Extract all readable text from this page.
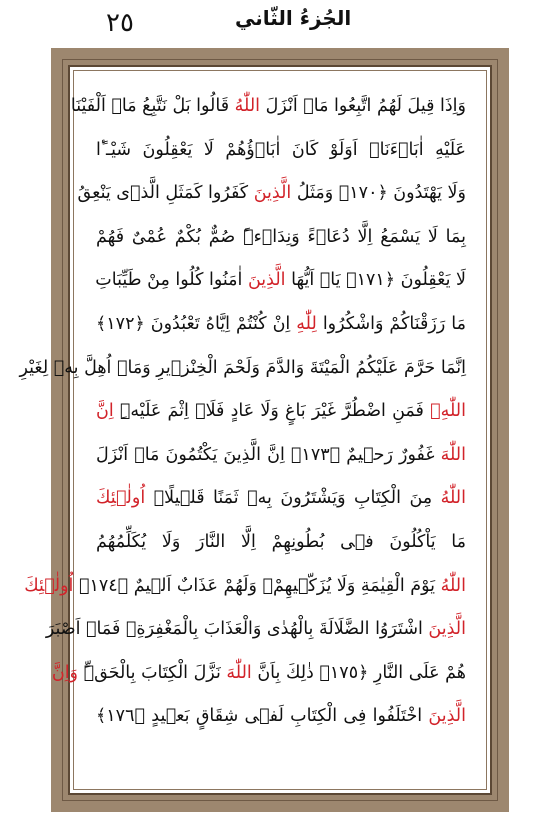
٢٥	الجُزءُ الثّاني
وَاِذَا قِيلَ لَهُمُ اتَّبِعُوا مَاۤ اَنْزَلَ اللّٰهُ قَالُوا بَلْ نَتَّبِعُ مَاۤ اَلْفَيْنَا
عَلَيْهِ اٰبَاۤءَنَاۜ اَوَلَوْ كَانَ اٰبَاۤؤُهُمْ لَا يَعْقِلُونَ شَيْـٴًا
وَلَا يَهْتَدُونَ ﴿١٧٠﴾ وَمَثَلُ الَّذِينَ كَفَرُوا كَمَثَلِ الَّذٖى يَنْعِقُ
بِمَا لَا يَسْمَعُ اِلَّا دُعَاۤءً وَنِدَاۤءًۜ صُمٌّ بُكْمٌ عُمْىٌ فَهُمْ
لَا يَعْقِلُونَ ﴿١٧١﴾ يَاۤ اَيُّهَا الَّذِينَ اٰمَنُوا كُلُوا مِنْ طَيِّبَاتِ
مَا رَزَقْنَاكُمْ وَاشْكُرُوا لِلّٰهِ اِنْ كُنْتُمْ اِيَّاهُ تَعْبُدُونَ ﴿١٧٢﴾
اِنَّمَا حَرَّمَ عَلَيْكُمُ الْمَيْتَةَ وَالدَّمَ وَلَحْمَ الْخِنْزٖيرِ وَمَاۤ اُهِلَّ بِهٖ لِغَيْرِ
اللّٰهِۚ فَمَنِ اضْطُرَّ غَيْرَ بَاغٍ وَلَا عَادٍ فَلَاۤ اِثْمَ عَلَيْهِۜ اِنَّ
اللّٰهَ غَفُورٌ رَحٖيمٌ ﴿١٧٣﴾ اِنَّ الَّذِينَ يَكْتُمُونَ مَاۤ اَنْزَلَ
اللّٰهُ مِنَ الْكِتَابِ وَيَشْتَرُونَ بِهٖ ثَمَنًا قَلٖيلًاۙ اُولٰۤئِكَ
مَا يَاْكُلُونَ فٖى بُطُونِهِمْ اِلَّا النَّارَ وَلَا يُكَلِّمُهُمُ
اللّٰهُ يَوْمَ الْقِيٰمَةِ وَلَا يُزَكّٖيهِمْۚ وَلَهُمْ عَذَابٌ اَلٖيمٌ ﴿١٧٤﴾ اُولٰۤئِكَ
الَّذِينَ اشْتَرَوُا الضَّلَالَةَ بِالْهُدٰى وَالْعَذَابَ بِالْمَغْفِرَةِۚ فَمَاۤ اَصْبَرَ
هُمْ عَلَى النَّارِ ﴿١٧٥﴾ ذٰلِكَ بِاَنَّ اللّٰهَ نَزَّلَ الْكِتَابَ بِالْحَقِّۜ وَاِنَّ
الَّذِينَ اخْتَلَفُوا فِى الْكِتَابِ لَفٖى شِقَاقٍ بَعٖيدٍ ﴿١٧٦﴾
